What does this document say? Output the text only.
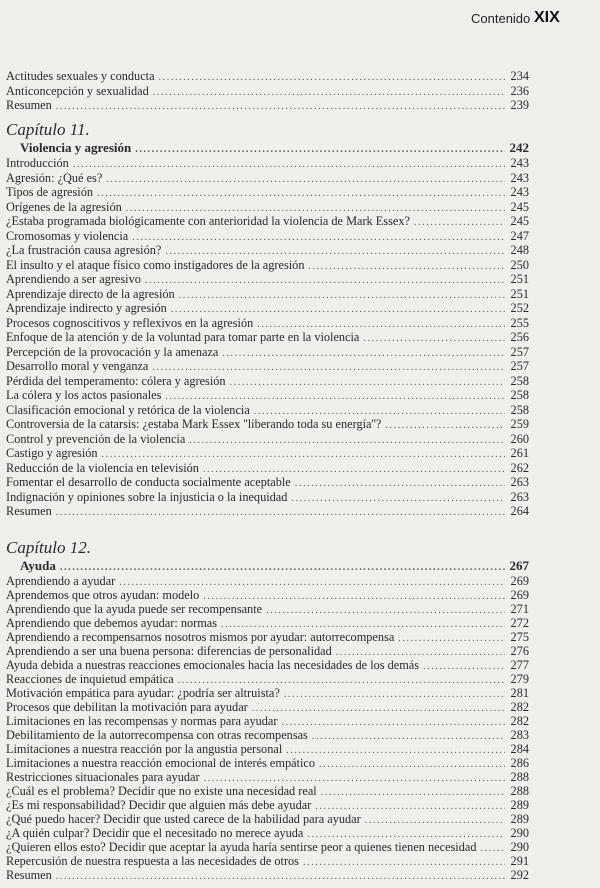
Contenido XIX
Actitudes sexuales y conducta .....	234
Anticoncepción y sexualidad .....	236
Resumen .....	239
Capítulo 11.
Violencia y agresión .....	242
Introducción .....	243
Agresión: ¿Qué es? .....	243
Tipos de agresión .....	243
Orígenes de la agresión .....	245
¿Estaba programada biológicamente con anterioridad la violencia de Mark Essex? .....	245
Cromosomas y violencia .....	247
¿La frustración causa agresión? .....	248
El insulto y el ataque físico como instigadores de la agresión .....	250
Aprendiendo a ser agresivo .....	251
Aprendizaje directo de la agresión .....	251
Aprendizaje indirecto y agresión .....	252
Procesos cognoscitivos y reflexivos en la agresión .....	255
Enfoque de la atención y de la voluntad para tomar parte en la violencia .....	256
Percepción de la provocación y la amenaza .....	257
Desarrollo moral y venganza .....	257
Pérdida del temperamento: cólera y agresión .....	258
La cólera y los actos pasionales .....	258
Clasificación emocional y retórica de la violencia .....	258
Controversia de la catarsis: ¿estaba Mark Essex ''liberando toda su energía''? .....	259
Control y prevención de la violencia .....	260
Castigo y agresión .....	261
Reducción de la violencia en televisión .....	262
Fomentar el desarrollo de conducta socialmente aceptable .....	263
Indignación y opiniones sobre la injusticia o la inequidad .....	263
Resumen .....	264
Capítulo 12.
Ayuda .....	267
Aprendiendo a ayudar .....	269
Aprendemos que otros ayudan: modelo .....	269
Aprendiendo que la ayuda puede ser recompensante .....	271
Aprendiendo que debemos ayudar: normas .....	272
Aprendiendo a recompensarnos nosotros mismos por ayudar: autorrecompensa .....	275
Aprendiendo a ser una buena persona: diferencias de personalidad .....	276
Ayuda debida a nuestras reacciones emocionales hacia las necesidades de los demás .....	277
Reacciones de inquietud empática .....	279
Motivación empática para ayudar: ¿podría ser altruista? .....	281
Procesos que debilitan la motivación para ayudar .....	282
Limitaciones en las recompensas y normas para ayudar .....	282
Debilitamiento de la autorrecompensa con otras recompensas .....	283
Limitaciones a nuestra reacción por la angustia personal .....	284
Limitaciones a nuestra reacción emocional de interés empático .....	286
Restricciones situacionales para ayudar .....	288
¿Cuál es el problema? Decidir que no existe una necesidad real .....	288
¿Es mi responsabilidad? Decidir que alguien más debe ayudar .....	289
¿Qué puedo hacer? Decidir que usted carece de la habilidad para ayudar .....	289
¿A quién culpar? Decidir que el necesitado no merece ayuda .....	290
¿Quieren ellos esto? Decidir que aceptar la ayuda haría sentirse peor a quienes tienen necesidad .....	290
Repercusión de nuestra respuesta a las necesidades de otros .....	291
Resumen .....	292
